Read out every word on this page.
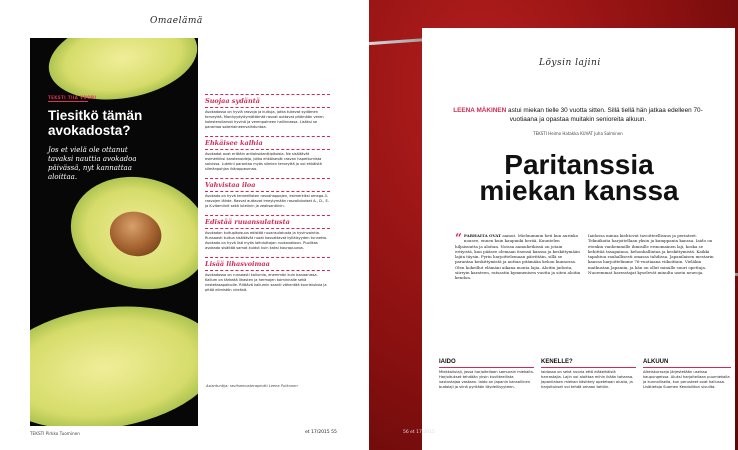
Omaelämä
TEKSTI TIIA VUORI
Tiesitkö tämän avokadosta?
Jos et vielä ole ottanut tavaksi nauttia avokadoa päivässä, nyt kannattaa aloittaa.
Suojaa sydäntä
Avokadossa on hyviä rasvoja ja kuituja, jotka tukevat sydämen terveyttä. Monityydyttymättömät rasvat auttavat pitämään veren kolesteroliarvot hyvinä ja verenpaineen hallinnassa. Lisäksi se parantaa sokeriaineenvaihduntaa.
Ehkäisee kalhia
Avokadot ovat erittäin antioksidanttipitoisia. Ne sisältävät esimerkiksi karotenoideja, jotka ehkäisevät rasvan hapettumista soluissa. Luteiini parantaa myös silmien terveyttä ja voi ehkäistä silmänpohjan ikärappeumaa.
Vahvistaa iloa
Avokado on hyvä terveellisten rasvahappojen, esimerkiksi omega-3-rasvojen lähde. Rasvat auttavat imeytymään rasvaliukoiset A-, D-, E- ja K-vitamiinit sekä luteiinin ja zeaksantiinin.
Edistää ruuansulatusta
Avokadon kuitupitoisuus edistää ruuansulatusta ja hyvinvointia. Runsaasti kuitua sisältävät ruoat kasvattavat kylläisyyden tunnetta. Avokado on hyvä lisä myös laihduttajan ruokavalioon. Puolikas avokado sisältää samat kuidut kuin kaksi kaurapuuroa.
Lisää lihasvoimaa
Avokadossa on runsaasti kaliumia, enemmän kuin banaanissa. Kalium on tärkeää lihasten ja hermojen toiminnalle sekä nestetasapainolle. Riittävä kaliumin saanti vähentää kouristuksia ja pitää elimistön vireänä.
Asiantuntija: ravitsemusterapeutti Leena Putkonen
TEKSTI Pirkko Tuominen	et 17/2015 55
Löysin lajini
LEENA MÄKINEN astui miekan tielle 30 vuotta sitten. Sillä tiellä hän jatkaa edelleen 70-vuotiaana ja opastaa muitakin senioreita alkuun.
TEKSTI Heimo Hatakka KUVAT Juha Salminen
Paritanssia miekan kanssa
“ PARHAITA OVAT aamut. Mieluummin heti kun aurinko nousee, ennen kuin kaupunki herää. Kuuntelen hiljaisuutta ja aloitan. Noissa aamuhetkissä on jotain erityistä, kun pääsee olemaan itsensä kanssa ja keskittymään lajiin täysin. Pyrin harjoittelemaan päivittäin, sillä se parantaa keskittymistä ja auttaa pitämään kehon kunnossa. Olen kokeillut elämäni aikana monta lajia. Aloitin judosta, siirryin karateen, ratsastin kymmenisen vuotta ja siten aloitin kendon.
Iaidossa minua kiehtovat tavoitteellisuus ja perinteet. Tekniikoita harjoitellaan yksin ja kumppanin kanssa. Iaido on etenkin vanhemmille ihmisille erinomainen laji, koska se kehittää tasapainoa, kehonhallintaa ja keskittymistä. Kaikki tapahtuu rauhallisesti omassa tahdissa. Japanilaisen mestarin kanssa harjoittelimme 76-vuotiaana viikoittain. Vieläkin matkustan Japaniin, ja hän on ollut minulle suuri opettaja. Nuoremmat harrastajat kyselevät minulta usein neuvoja.
IAIDO
Miekkailulaji, jossa harjoitellaan samurain miekalla. Harjoitukset tehdään yksin kuvitteellista vastustajaa vastaan. Iaido on Japanin kansallinen budolaji ja siinä pyritään täydellisyyteen.
KENELLE?
Iaidossa on sekä nuoria että eläkeikäisiä harrastajia. Lajin voi aloittaa mihin ikään tahansa. Japanilaisen miekan käsittely opetetaan alusta, ja harjoitukset voi tehdä omaan tahtiin.
ALKUUN
Alkeiskursseja järjestetään useissa kaupungeissa. Aluksi harjoitellaan puumiekalla ja kunnollisella, kun perusteet ovat hallussa. Lisätietoja Suomen Kendoliiton sivuilta.
56 et 17/2015
